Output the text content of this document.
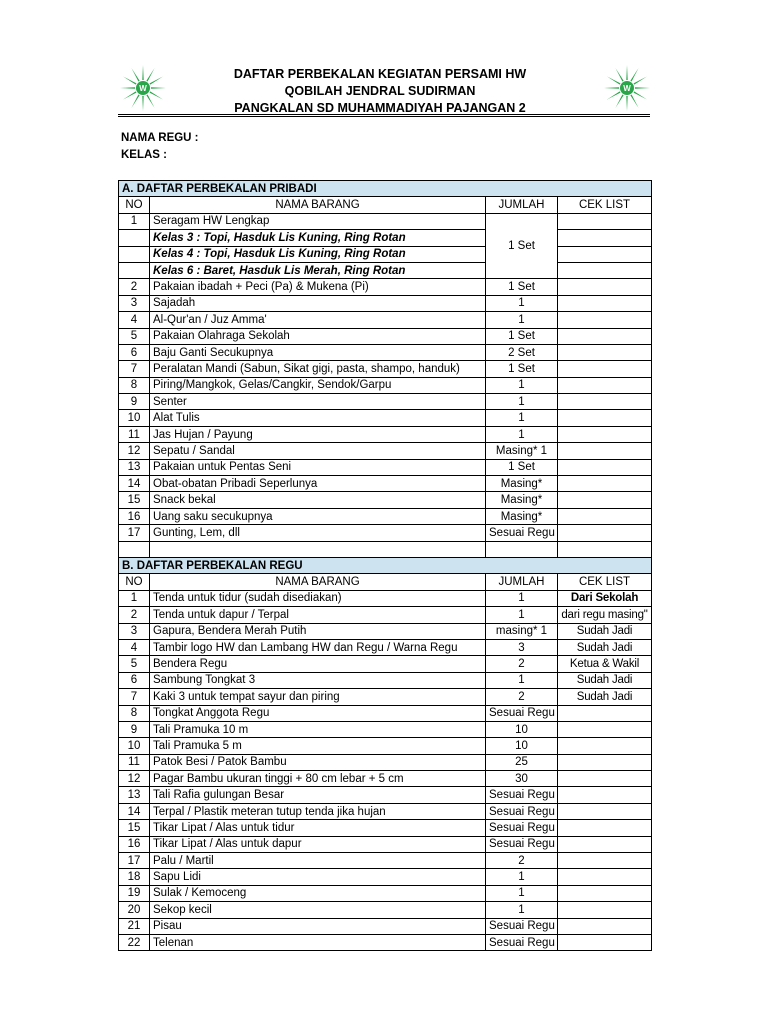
W	W
DAFTAR PERBEKALAN KEGIATAN PERSAMI HW
QOBILAH JENDRAL SUDIRMAN
PANGKALAN SD MUHAMMADIYAH PAJANGAN 2
NAMA REGU :
KELAS :
A. DAFTAR PERBEKALAN PRIBADI			
NO	NAMA BARANG	JUMLAH	CEK LIST
1	Seragam HW Lengkap	1 Set	
	Kelas 3 : Topi, Hasduk Lis Kuning, Ring Rotan		
	Kelas 4 : Topi, Hasduk Lis Kuning, Ring Rotan		
	Kelas 6 : Baret, Hasduk Lis Merah, Ring Rotan		
2	Pakaian ibadah + Peci (Pa) & Mukena (Pi)	1 Set	
3	Sajadah	1	
4	Al-Qur'an / Juz Amma'	1	
5	Pakaian Olahraga Sekolah	1 Set	
6	Baju Ganti Secukupnya	2 Set	
7	Peralatan Mandi (Sabun, Sikat gigi, pasta, shampo, handuk)	1 Set	
8	Piring/Mangkok, Gelas/Cangkir, Sendok/Garpu	1	
9	Senter	1	
10	Alat Tulis	1	
11	Jas Hujan / Payung	1	
12	Sepatu / Sandal	Masing* 1	
13	Pakaian untuk Pentas Seni	1 Set	
14	Obat-obatan Pribadi Seperlunya	Masing*	
15	Snack bekal	Masing*	
16	Uang saku secukupnya	Masing*	
17	Gunting, Lem, dll	Sesuai Regu	

B. DAFTAR PERBEKALAN REGU			
NO	NAMA BARANG	JUMLAH	CEK LIST
1	Tenda untuk tidur (sudah disediakan)	1	Dari Sekolah
2	Tenda untuk dapur / Terpal	1	dari regu masing"
3	Gapura, Bendera Merah Putih	masing* 1	Sudah Jadi
4	Tambir logo HW dan Lambang HW dan Regu / Warna Regu	3	Sudah Jadi
5	Bendera Regu	2	Ketua & Wakil
6	Sambung Tongkat 3	1	Sudah Jadi
7	Kaki 3 untuk tempat sayur dan piring	2	Sudah Jadi
8	Tongkat Anggota Regu	Sesuai Regu	
9	Tali Pramuka 10 m	10	
10	Tali Pramuka 5 m	10	
11	Patok Besi / Patok Bambu	25	
12	Pagar Bambu ukuran tinggi + 80 cm lebar + 5 cm	30	
13	Tali Rafia gulungan Besar	Sesuai Regu	
14	Terpal / Plastik meteran tutup tenda jika hujan	Sesuai Regu	
15	Tikar Lipat / Alas untuk tidur	Sesuai Regu	
16	Tikar Lipat / Alas untuk dapur	Sesuai Regu	
17	Palu / Martil	2	
18	Sapu Lidi	1	
19	Sulak / Kemoceng	1	
20	Sekop kecil	1	
21	Pisau	Sesuai Regu	
22	Telenan	Sesuai Regu	
